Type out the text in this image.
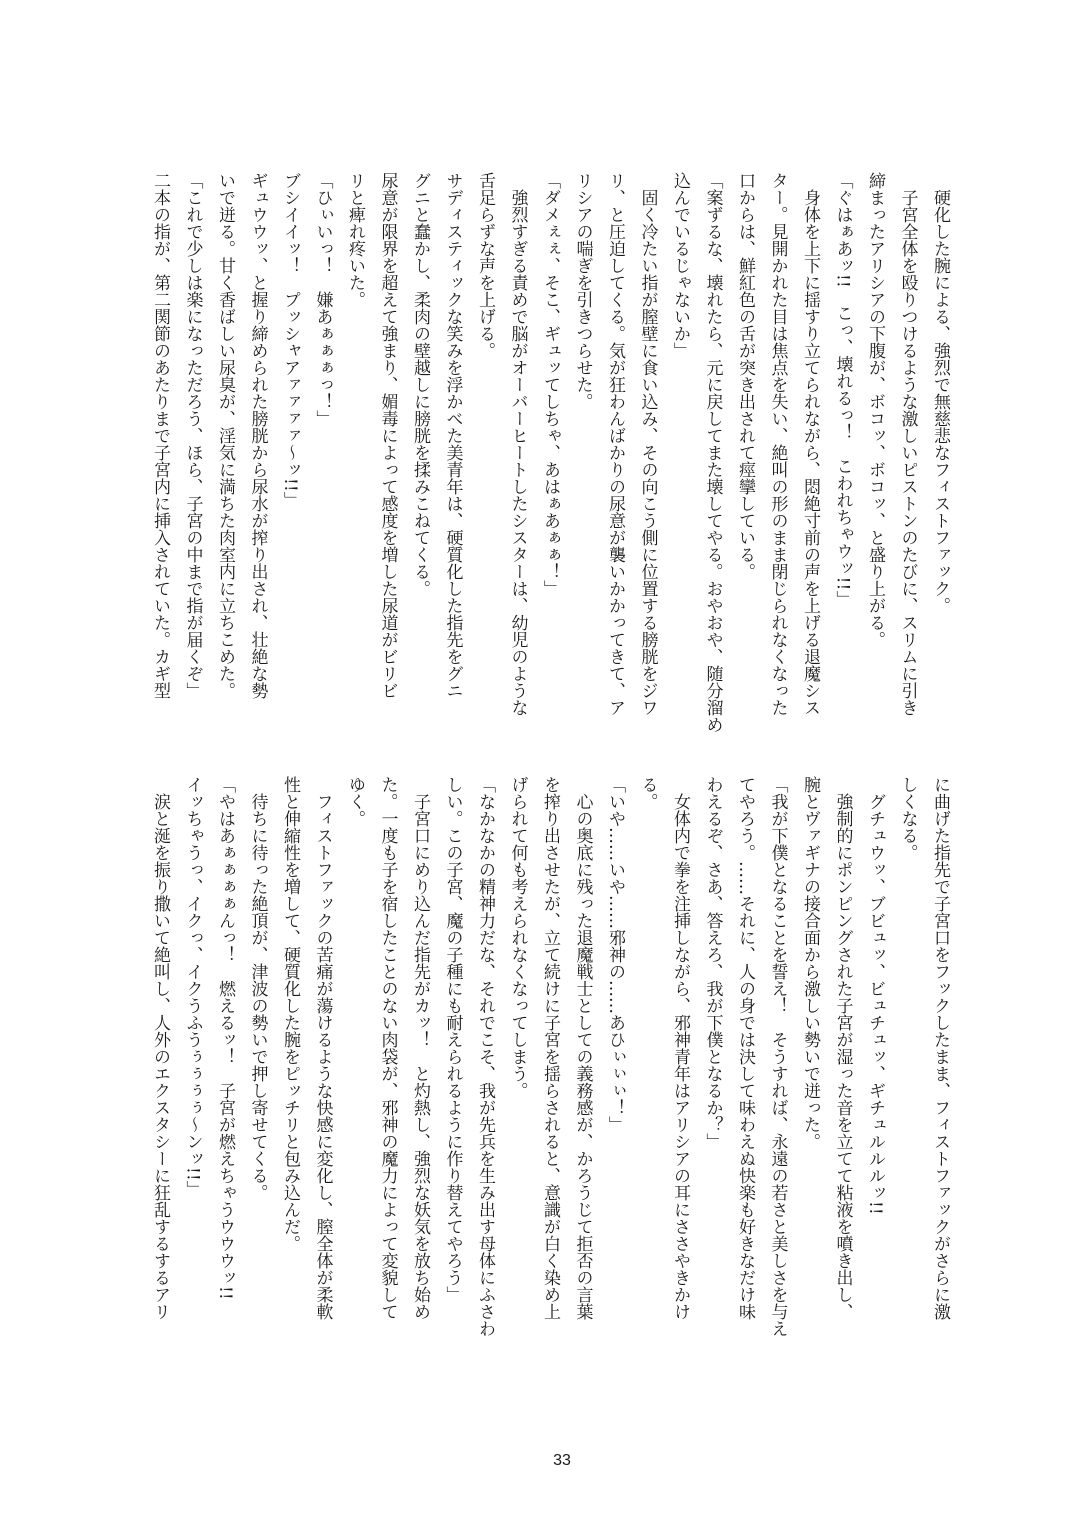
硬化した腕による、強烈で無慈悲なフィストファック。

子宮全体を殴りつけるような激しいピストンのたびに、スリムに引き

締まったアリシアの下腹が、ボコッ、ボコッ、と盛り上がる。

「ぐはぁあッ!!　こっ、壊れるっ！　こわれちゃウッ!!」

身体を上下に揺すり立てられながら、悶絶寸前の声を上げる退魔シス

ター。見開かれた目は焦点を失い、絶叫の形のまま閉じられなくなった

口からは、鮮紅色の舌が突き出されて痙攣している。

「案ずるな、壊れたら、元に戻してまた壊してやる。おやおや、随分溜め

込んでいるじゃないか」

固く冷たい指が膣壁に食い込み、その向こう側に位置する膀胱をジワ

リ、と圧迫してくる。気が狂わんばかりの尿意が襲いかかってきて、ア

リシアの喘ぎを引きつらせた。

「ダメぇぇ、そこ、ギュッてしちゃ、あはぁあぁぁ！」

強烈すぎる責めで脳がオーバーヒートしたシスターは、幼児のような

舌足らずな声を上げる。

サディスティックな笑みを浮かべた美青年は、硬質化した指先をグニ

グニと蠢かし、柔肉の壁越しに膀胱を揉みこねてくる。

尿意が限界を超えて強まり、媚毒によって感度を増した尿道がビリビ

リと痺れ疼いた。

「ひぃいっ！　嫌あぁぁぁっ！」

ブシイイッ！　プッシャアァァァァ～ッ!!」

ギュウウッ、と握り締められた膀胱から尿水が搾り出され、壮絶な勢

いで迸る。甘く香ばしい尿臭が、淫気に満ちた肉室内に立ちこめた。

「これで少しは楽になっただろう、ほら、子宮の中まで指が届くぞ」

二本の指が、第二関節のあたりまで子宮内に挿入されていた。カギ型

に曲げた指先で子宮口をフックしたまま、フィストファックがさらに激

しくなる。

グチュウッ、ブビュッ、ビュチュッ、ギチュルルルッ!!

強制的にポンピングされた子宮が湿った音を立てて粘液を噴き出し、

腕とヴァギナの接合面から激しい勢いで迸った。

「我が下僕となることを誓え！　そうすれば、永遠の若さと美しさを与え

てやろう。……それに、人の身では決して味わえぬ快楽も好きなだけ味

わえるぞ、さあ、答えろ、我が下僕となるか？」

女体内で拳を注挿しながら、邪神青年はアリシアの耳にささやきかけ

る。

「いや……いや……邪神の……あひぃぃぃ！」

心の奥底に残った退魔戦士としての義務感が、かろうじて拒否の言葉

を搾り出させたが、立て続けに子宮を揺らされると、意識が白く染め上

げられて何も考えられなくなってしまう。

「なかなかの精神力だな、それでこそ、我が先兵を生み出す母体にふさわ

しい。この子宮、魔の子種にも耐えられるように作り替えてやろう」

子宮口にめり込んだ指先がカッ！　と灼熱し、強烈な妖気を放ち始め

た。一度も子を宿したことのない肉袋が、邪神の魔力によって変貌して

ゆく。

フィストファックの苦痛が蕩けるような快感に変化し、膣全体が柔軟

性と伸縮性を増して、硬質化した腕をピッチリと包み込んだ。

待ちに待った絶頂が、津波の勢いで押し寄せてくる。

「やはあぁぁぁぁんっ！　燃えるッ！　子宮が燃えちゃうウウウッ!!

イッちゃうっ、イクっ、イクうふうぅぅぅぅ～ンッ!!」

涙と涎を振り撒いて絶叫し、人外のエクスタシーに狂乱するするアリ

33
